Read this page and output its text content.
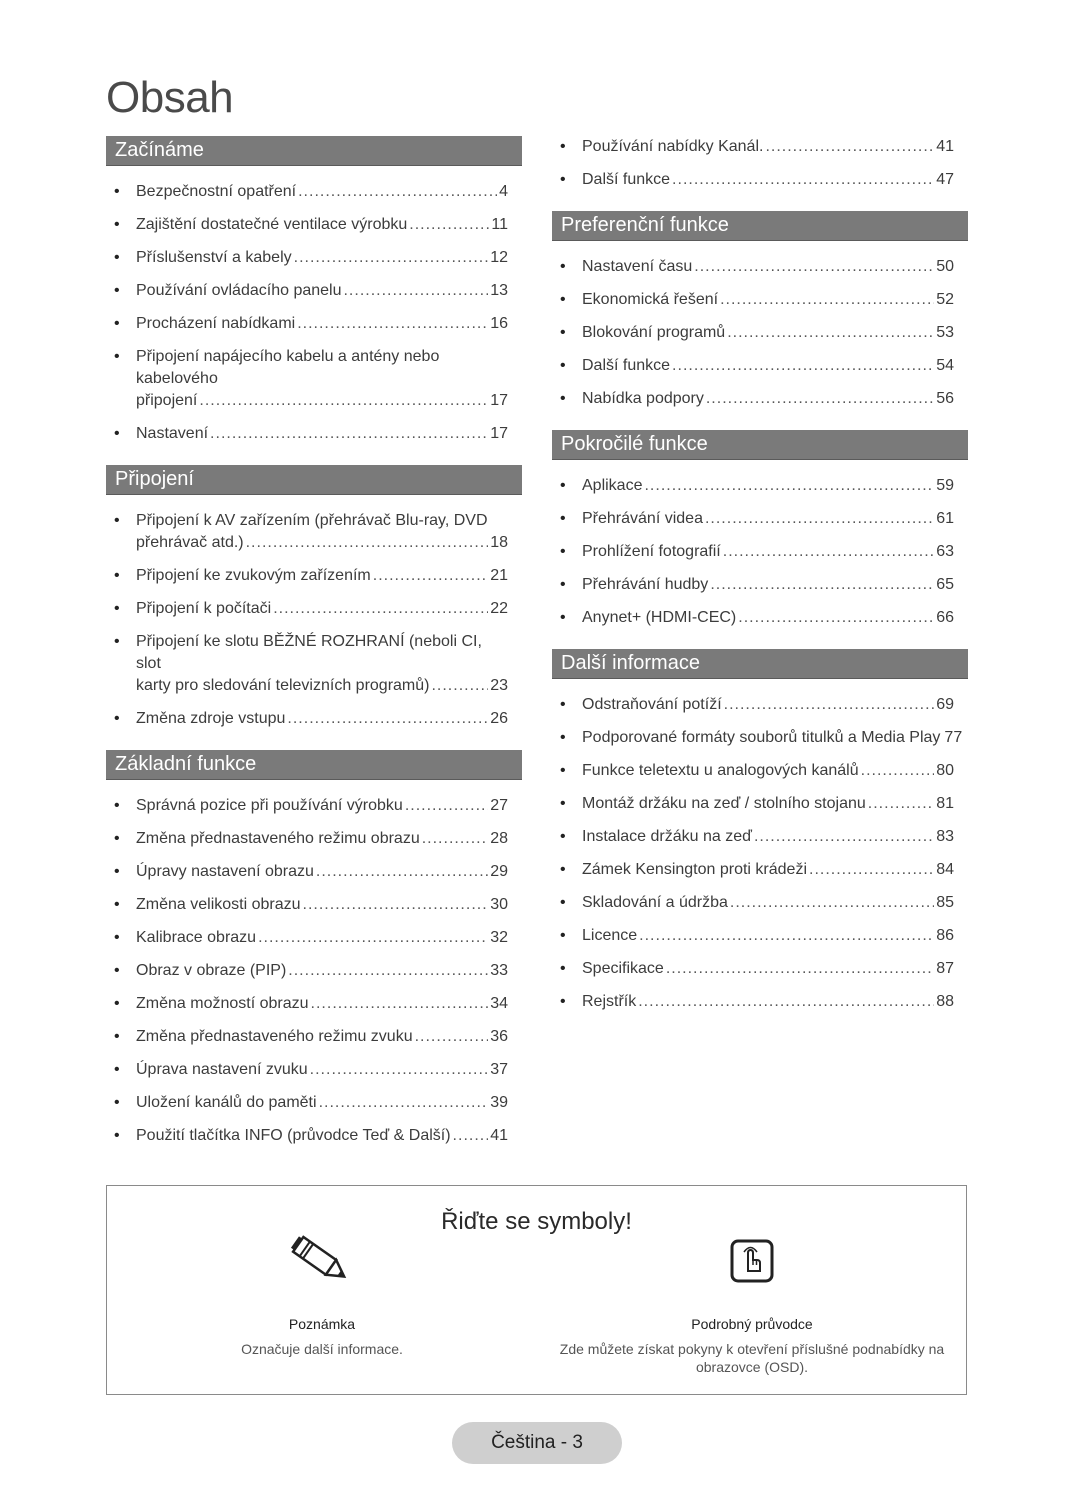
Obsah
Začínáme
• Bezpečnostní opatření .....	4
• Zajištění dostatečné ventilace výrobku .....	11
• Příslušenství a kabely .....	12
• Používání ovládacího panelu .....	13
• Procházení nabídkami .....	16
• Připojení napájecího kabelu a antény nebo kabelového
připojení .....	17
• Nastavení .....	17
Připojení
• Připojení k AV zařízením (přehrávač Blu-ray, DVD
přehrávač atd.) .....	18
• Připojení ke zvukovým zařízením .....	21
• Připojení k počítači .....	22
• Připojení ke slotu BĚŽNÉ ROZHRANÍ (neboli CI, slot
karty pro sledování televizních programů) .....	23
• Změna zdroje vstupu .....	26
Základní funkce
• Správná pozice při používání výrobku .....	27
• Změna přednastaveného režimu obrazu .....	28
• Úpravy nastavení obrazu .....	29
• Změna velikosti obrazu .....	30
• Kalibrace obrazu .....	32
• Obraz v obraze (PIP) .....	33
• Změna možností obrazu .....	34
• Změna přednastaveného režimu zvuku .....	36
• Úprava nastavení zvuku .....	37
• Uložení kanálů do paměti .....	39
• Použití tlačítka INFO (průvodce Teď & Další) ..... 41
• Používání nabídky Kanál. .....	41
• Další funkce .....	47
Preferenční funkce
• Nastavení času .....	50
• Ekonomická řešení .....	52
• Blokování programů .....	53
• Další funkce .....	54
• Nabídka podpory .....	56
Pokročilé funkce
• Aplikace .....	59
• Přehrávání videa .....	61
• Prohlížení fotografií .....	63
• Přehrávání hudby .....	65
• Anynet+ (HDMI-CEC) .....	66
Další informace
• Odstraňování potíží .....	69
• Podporované formáty souborů titulků a Media Play 77
• Funkce teletextu u analogových kanálů .....	80
• Montáž držáku na zeď / stolního stojanu .....	81
• Instalace držáku na zeď .....	83
• Zámek Kensington proti krádeži .....	84
• Skladování a údržba .....	85
• Licence .....	86
• Specifikace .....	87
• Rejstřík .....	88
Řiďte se symboly!
Poznámka
Označuje další informace.
Podrobný průvodce
Zde můžete získat pokyny k otevření příslušné podnabídky na obrazovce (OSD).
Čeština - 3
